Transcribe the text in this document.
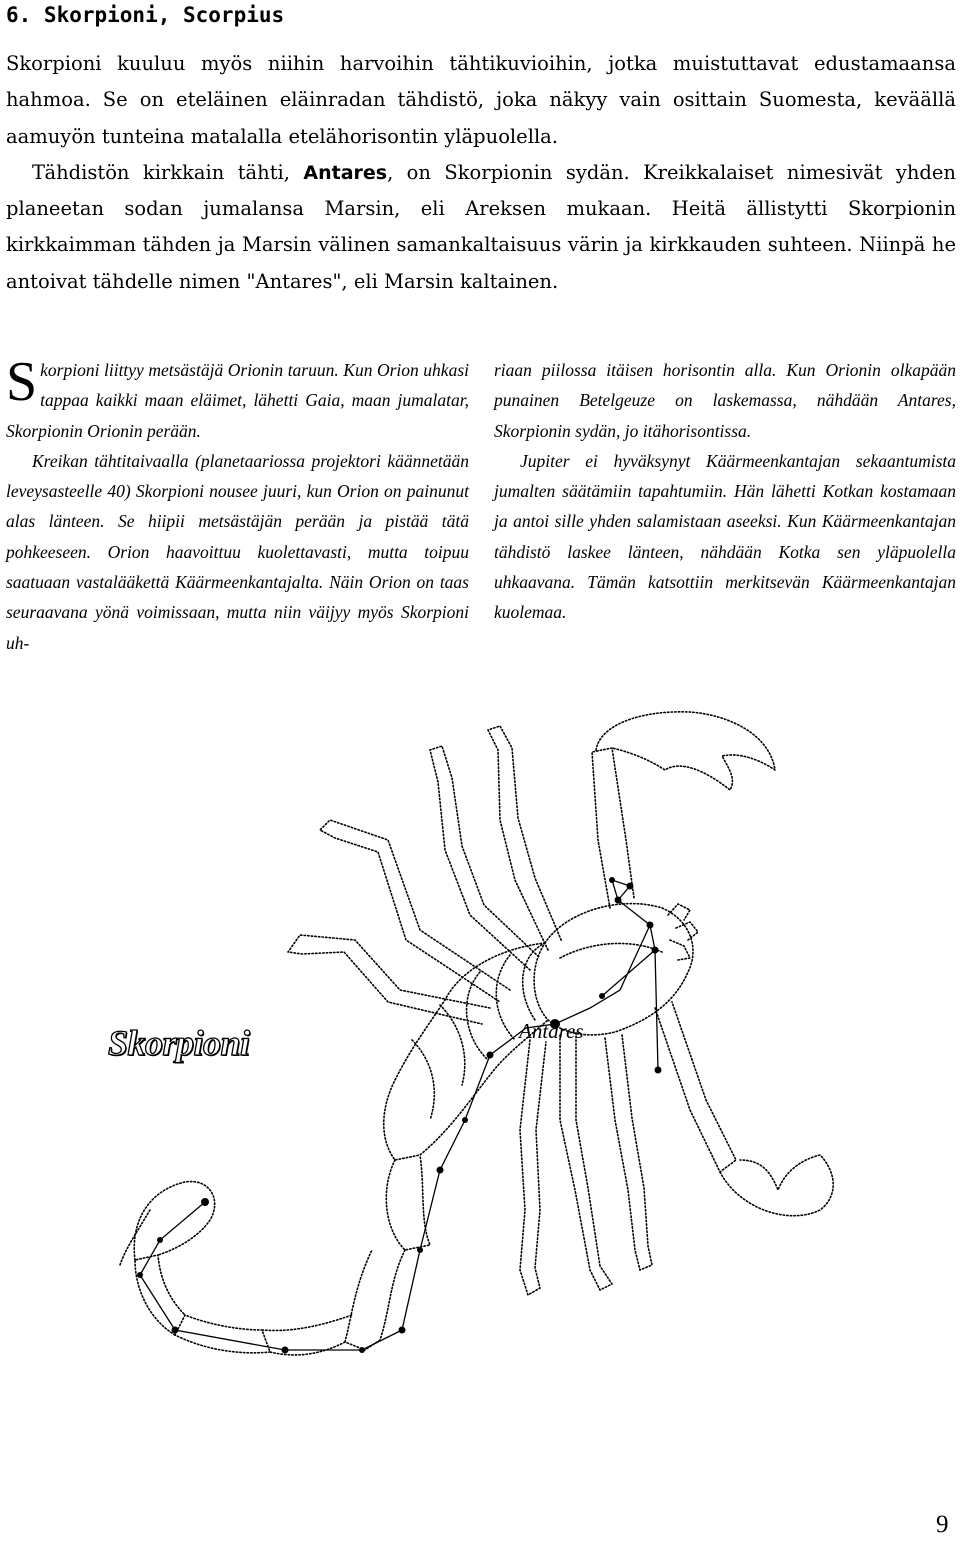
6. Skorpioni, Scorpius

Skorpioni kuuluu myös niihin harvoihin tähtikuvioihin, jotka muistuttavat edustamaansa hahmoa. Se on eteläinen eläinradan tähdistö, joka näkyy vain osittain Suomesta, keväällä aamuyön tunteina matalalla etelähorisontin yläpuolella.

Tähdistön kirkkain tähti, Antares, on Skorpionin sydän. Kreikkalaiset nimesivät yhden planeetan sodan jumalansa Marsin, eli Areksen mukaan. Heitä ällistytti Skorpionin kirkkaimman tähden ja Marsin välinen samankaltaisuus värin ja kirkkauden suhteen. Niinpä he antoivat tähdelle nimen "Antares", eli Marsin kaltainen.

Skorpioni liittyy metsästäjä Orionin taruun. Kun Orion uhkasi tappaa kaikki maan eläimet, lähetti Gaia, maan jumalatar, Skorpionin Orionin perään.

Kreikan tähtitaivaalla (planetaariossa projektori käännetään leveysasteelle 40) Skorpioni nousee juuri, kun Orion on painunut alas länteen. Se hiipii metsästäjän perään ja pistää tätä pohkeeseen. Orion haavoittuu kuolettavasti, mutta toipuu saatuaan vastalääkettä Käärmeenkantajalta. Näin Orion on taas seuraavana yönä voimissaan, mutta niin väijyy myös Skorpioni uh-

riaan piilossa itäisen horisontin alla. Kun Orionin olkapään punainen Betelgeuze on laskemassa, nähdään Antares, Skorpionin sydän, jo itähorisontissa.

Jupiter ei hyväksynyt Käärmeenkantajan sekaantumista jumalten säätämiin tapahtumiin. Hän lähetti Kotkan kostamaan ja antoi sille yhden salamistaan aseeksi. Kun Käärmeenkantajan tähdistö laskee länteen, nähdään Kotka sen yläpuolella uhkaavana. Tämän katsottiin merkitsevän Käärmeenkantajan kuolemaa.

Skorpioni	Antares
9
